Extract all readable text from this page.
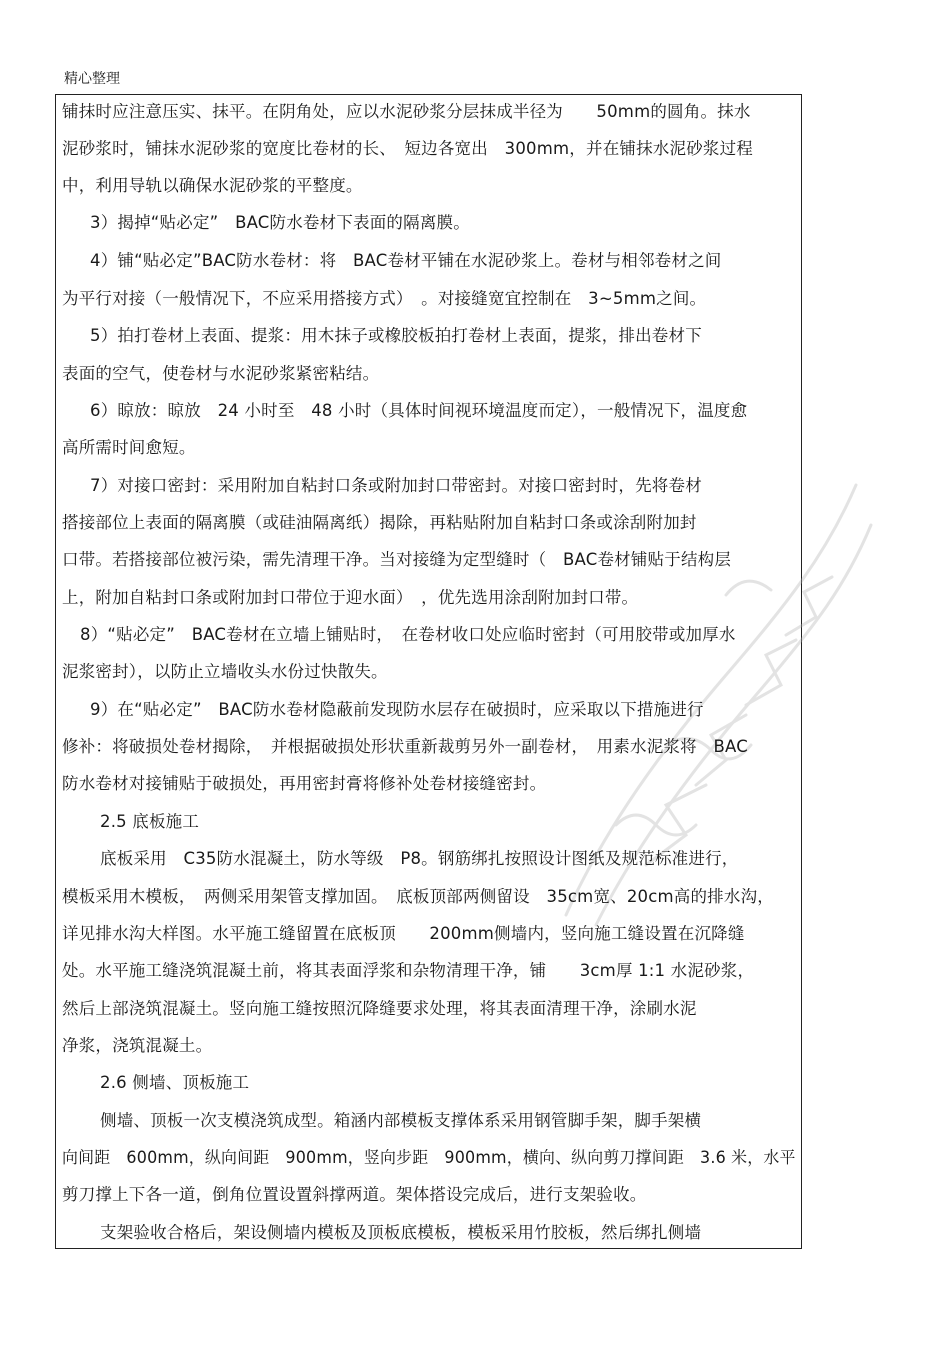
精心整理
铺抹时应注意压实、抹平。在阴角处，应以水泥砂浆分层抹成半径为　　50mm的圆角。抹水
泥砂浆时，铺抹水泥砂浆的宽度比卷材的长、　短边各宽出　300mm，并在铺抹水泥砂浆过程
中，利用导轨以确保水泥砂浆的平整度。
3）揭掉“贴必定”　BAC防水卷材下表面的隔离膜。
4）铺“贴必定”BAC防水卷材：将　BAC卷材平铺在水泥砂浆上。卷材与相邻卷材之间
为平行对接（一般情况下，不应采用搭接方式）　。对接缝宽宜控制在　3~5mm之间。
5）拍打卷材上表面、提浆：用木抹子或橡胶板拍打卷材上表面，提浆，排出卷材下
表面的空气，使卷材与水泥砂浆紧密粘结。
6）晾放：晾放　24 小时至　48 小时（具体时间视环境温度而定），一般情况下，温度愈
高所需时间愈短。
7）对接口密封：采用附加自粘封口条或附加封口带密封。对接口密封时，先将卷材
搭接部位上表面的隔离膜（或硅油隔离纸）揭除，再粘贴附加自粘封口条或涂刮附加封
口带。若搭接部位被污染，需先清理干净。当对接缝为定型缝时（　BAC卷材铺贴于结构层
上，附加自粘封口条或附加封口带位于迎水面）　，优先选用涂刮附加封口带。
8）“贴必定”　BAC卷材在立墙上铺贴时，　在卷材收口处应临时密封（可用胶带或加厚水
泥浆密封），以防止立墙收头水份过快散失。
9）在“贴必定”　BAC防水卷材隐蔽前发现防水层存在破损时，应采取以下措施进行
修补：将破损处卷材揭除，　并根据破损处形状重新裁剪另外一副卷材，　用素水泥浆将　BAC
防水卷材对接铺贴于破损处，再用密封膏将修补处卷材接缝密封。
2.5 底板施工
底板采用　C35防水混凝土，防水等级　P8。钢筋绑扎按照设计图纸及规范标准进行，
模板采用木模板，　两侧采用架管支撑加固。　底板顶部两侧留设　35cm宽、20cm高的排水沟，
详见排水沟大样图。水平施工缝留置在底板顶　　200mm侧墙内，竖向施工缝设置在沉降缝
处。水平施工缝浇筑混凝土前，将其表面浮浆和杂物清理干净，铺　　3cm厚 1:1 水泥砂浆，
然后上部浇筑混凝土。竖向施工缝按照沉降缝要求处理，将其表面清理干净，涂刷水泥
净浆，浇筑混凝土。
2.6 侧墙、顶板施工
侧墙、顶板一次支模浇筑成型。箱涵内部模板支撑体系采用钢管脚手架，脚手架横
向间距　600mm，纵向间距　900mm，竖向步距　900mm，横向、纵向剪刀撑间距　3.6 米，水平
剪刀撑上下各一道，倒角位置设置斜撑两道。架体搭设完成后，进行支架验收。
支架验收合格后，架设侧墙内模板及顶板底模板，模板采用竹胶板，然后绑扎侧墙
